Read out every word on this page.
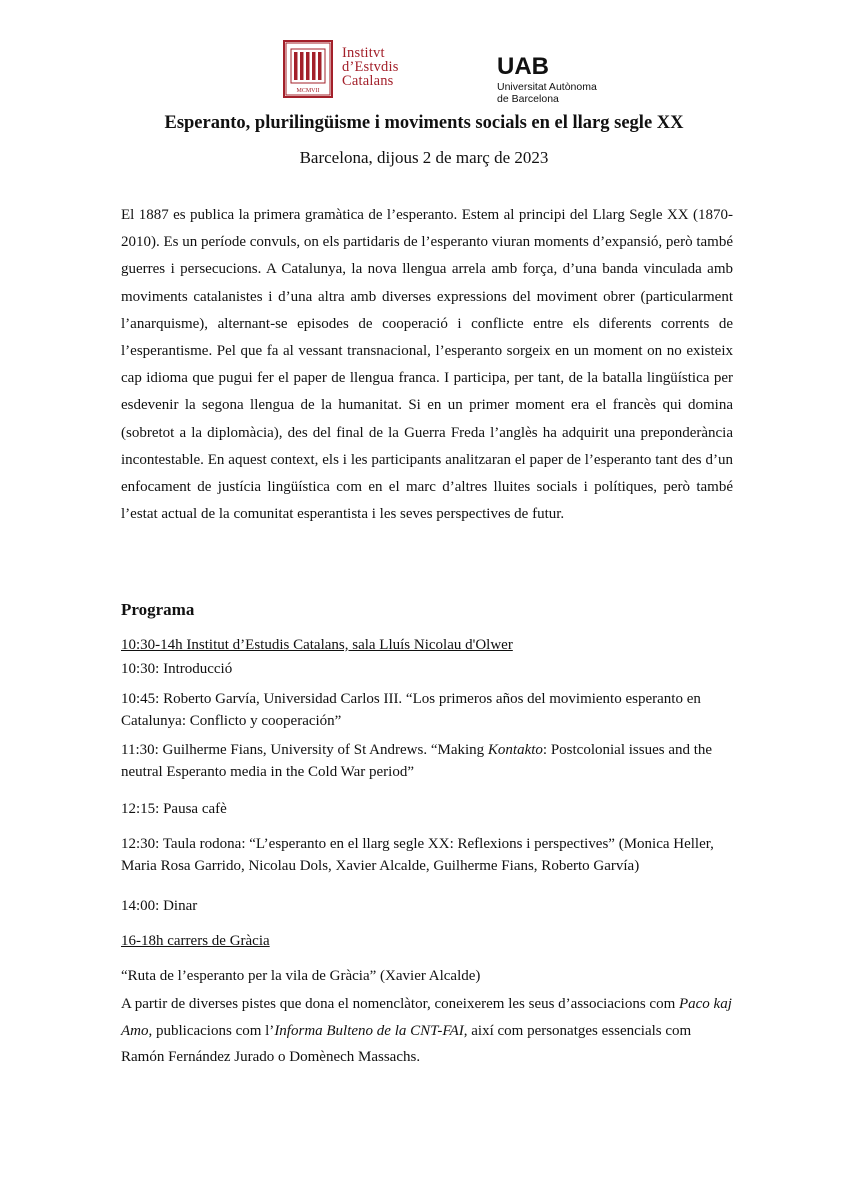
MCMVII
Institvt
d’Estvdis
Catalans
UAB
Universitat Autònoma
de Barcelona
Esperanto, plurilingüisme i moviments socials en el llarg segle XX
Barcelona, dijous 2 de març de 2023

El 1887 es publica la primera gramàtica de l’esperanto. Estem al principi del Llarg Segle XX (1870-2010). Es un període convuls, on els partidaris de l’esperanto viuran moments d’expansió, però també guerres i persecucions. A Catalunya, la nova llengua arrela amb força, d’una banda vinculada amb moviments catalanistes i d’una altra amb diverses expressions del moviment obrer (particularment l’anarquisme), alternant-se episodes de cooperació i conflicte entre els diferents corrents de l’esperantisme. Pel que fa al vessant transnacional, l’esperanto sorgeix en un moment on no existeix cap idioma que pugui fer el paper de llengua franca. I participa, per tant, de la batalla lingüística per esdevenir la segona llengua de la humanitat. Si en un primer moment era el francès qui domina (sobretot a la diplomàcia), des del final de la Guerra Freda l’anglès ha adquirit una preponderància incontestable. En aquest context, els i les participants analitzaran el paper de l’esperanto tant des d’un enfocament de justícia lingüística com en el marc d’altres lluites socials i polítiques, però també l’estat actual de la comunitat esperantista i les seves perspectives de futur.

Programa

10:30-14h Institut d’Estudis Catalans, sala Lluís Nicolau d'Olwer

10:30: Introducció

10:45: Roberto Garvía, Universidad Carlos III. “Los primeros años del movimiento esperanto en Catalunya: Conflicto y cooperación”

11:30: Guilherme Fians, University of St Andrews. “Making Kontakto: Postcolonial issues and the neutral Esperanto media in the Cold War period”

12:15: Pausa cafè

12:30: Taula rodona: “L’esperanto en el llarg segle XX: Reflexions i perspectives” (Monica Heller, Maria Rosa Garrido, Nicolau Dols, Xavier Alcalde, Guilherme Fians, Roberto Garvía)

14:00: Dinar

16-18h carrers de Gràcia

“Ruta de l’esperanto per la vila de Gràcia” (Xavier Alcalde)

A partir de diverses pistes que dona el nomenclàtor, coneixerem les seus d’associacions com Paco kaj Amo, publicacions com l’Informa Bulteno de la CNT-FAI, així com personatges essencials com Ramón Fernández Jurado o Domènech Massachs.
